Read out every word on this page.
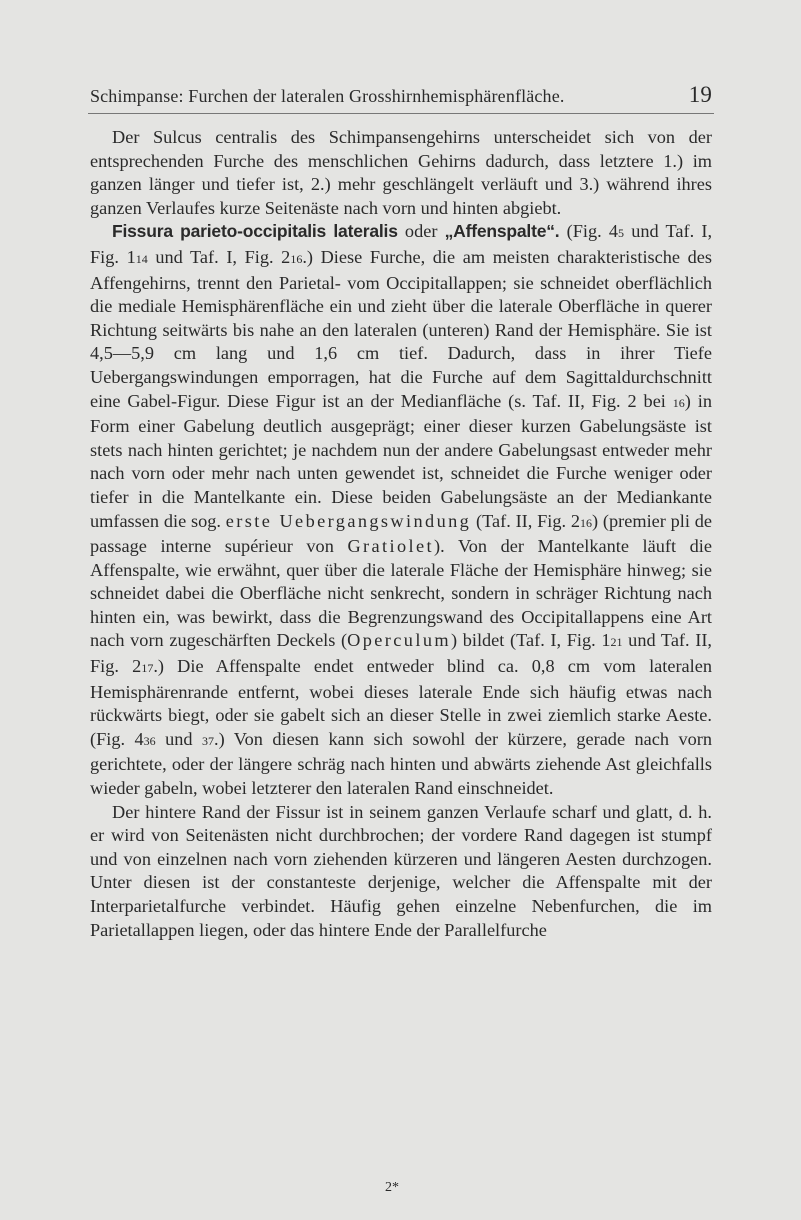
Schimpanse: Furchen der lateralen Grosshirnhemisphärenfläche.	19

Der Sulcus centralis des Schimpansengehirns unterscheidet sich von der entsprechenden Furche des menschlichen Gehirns dadurch, dass letztere 1.) im ganzen länger und tiefer ist, 2.) mehr geschlängelt verläuft und 3.) während ihres ganzen Verlaufes kurze Seitenäste nach vorn und hinten abgiebt.

Fissura parieto-occipitalis lateralis oder „Affenspalte“. (Fig. 45 und Taf. I, Fig. 114 und Taf. I, Fig. 216.) Diese Furche, die am meisten charakteristische des Affengehirns, trennt den Parietal- vom Occipitallappen; sie schneidet oberflächlich die mediale Hemisphärenfläche ein und zieht über die laterale Oberfläche in querer Richtung seitwärts bis nahe an den lateralen (unteren) Rand der Hemisphäre. Sie ist 4,5—5,9 cm lang und 1,6 cm tief. Dadurch, dass in ihrer Tiefe Uebergangswindungen emporragen, hat die Furche auf dem Sagittaldurchschnitt eine Gabel-Figur. Diese Figur ist an der Medianfläche (s. Taf. II, Fig. 2 bei 16) in Form einer Gabelung deutlich ausgeprägt; einer dieser kurzen Gabelungsäste ist stets nach hinten gerichtet; je nachdem nun der andere Gabelungsast entweder mehr nach vorn oder mehr nach unten gewendet ist, schneidet die Furche weniger oder tiefer in die Mantelkante ein. Diese beiden Gabelungsäste an der Mediankante umfassen die sog. erste Uebergangswindung (Taf. II, Fig. 216) (premier pli de passage interne supérieur von Gratiolet). Von der Mantelkante läuft die Affenspalte, wie erwähnt, quer über die laterale Fläche der Hemisphäre hinweg; sie schneidet dabei die Oberfläche nicht senkrecht, sondern in schräger Richtung nach hinten ein, was bewirkt, dass die Begrenzungswand des Occipitallappens eine Art nach vorn zugeschärften Deckels (Operculum) bildet (Taf. I, Fig. 121 und Taf. II, Fig. 217.) Die Affenspalte endet entweder blind ca. 0,8 cm vom lateralen Hemisphärenrande entfernt, wobei dieses laterale Ende sich häufig etwas nach rückwärts biegt, oder sie gabelt sich an dieser Stelle in zwei ziemlich starke Aeste. (Fig. 436 und 37.) Von diesen kann sich sowohl der kürzere, gerade nach vorn gerichtete, oder der längere schräg nach hinten und abwärts ziehende Ast gleichfalls wieder gabeln, wobei letzterer den lateralen Rand einschneidet.

Der hintere Rand der Fissur ist in seinem ganzen Verlaufe scharf und glatt, d. h. er wird von Seitenästen nicht durchbrochen; der vordere Rand dagegen ist stumpf und von einzelnen nach vorn ziehenden kürzeren und längeren Aesten durchzogen. Unter diesen ist der constanteste derjenige, welcher die Affenspalte mit der Interparietalfurche verbindet. Häufig gehen einzelne Nebenfurchen, die im Parietallappen liegen, oder das hintere Ende der Parallelfurche

2*
